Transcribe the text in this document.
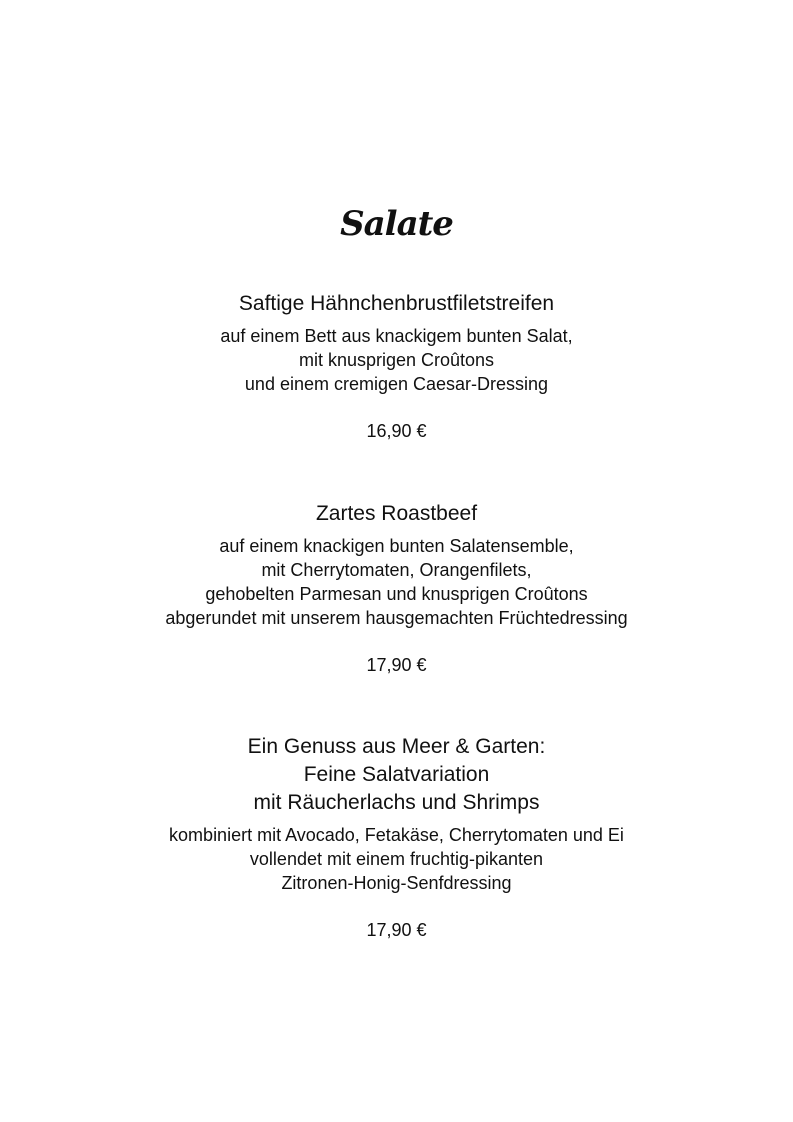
Salate
Saftige Hähnchenbrustfiletstreifen
auf einem Bett aus knackigem bunten Salat,
mit knusprigen Croûtons
und einem cremigen Caesar-Dressing
16,90 €
Zartes Roastbeef
auf einem knackigen bunten Salatensemble,
mit Cherrytomaten, Orangenfilets,
gehobelten Parmesan und knusprigen Croûtons
abgerundet mit unserem hausgemachten Früchtedressing
17,90 €
Ein Genuss aus Meer & Garten:
Feine Salatvariation
mit Räucherlachs und Shrimps
kombiniert mit Avocado, Fetakäse, Cherrytomaten und Ei
vollendet mit einem fruchtig-pikanten
Zitronen-Honig-Senfdressing
17,90 €
